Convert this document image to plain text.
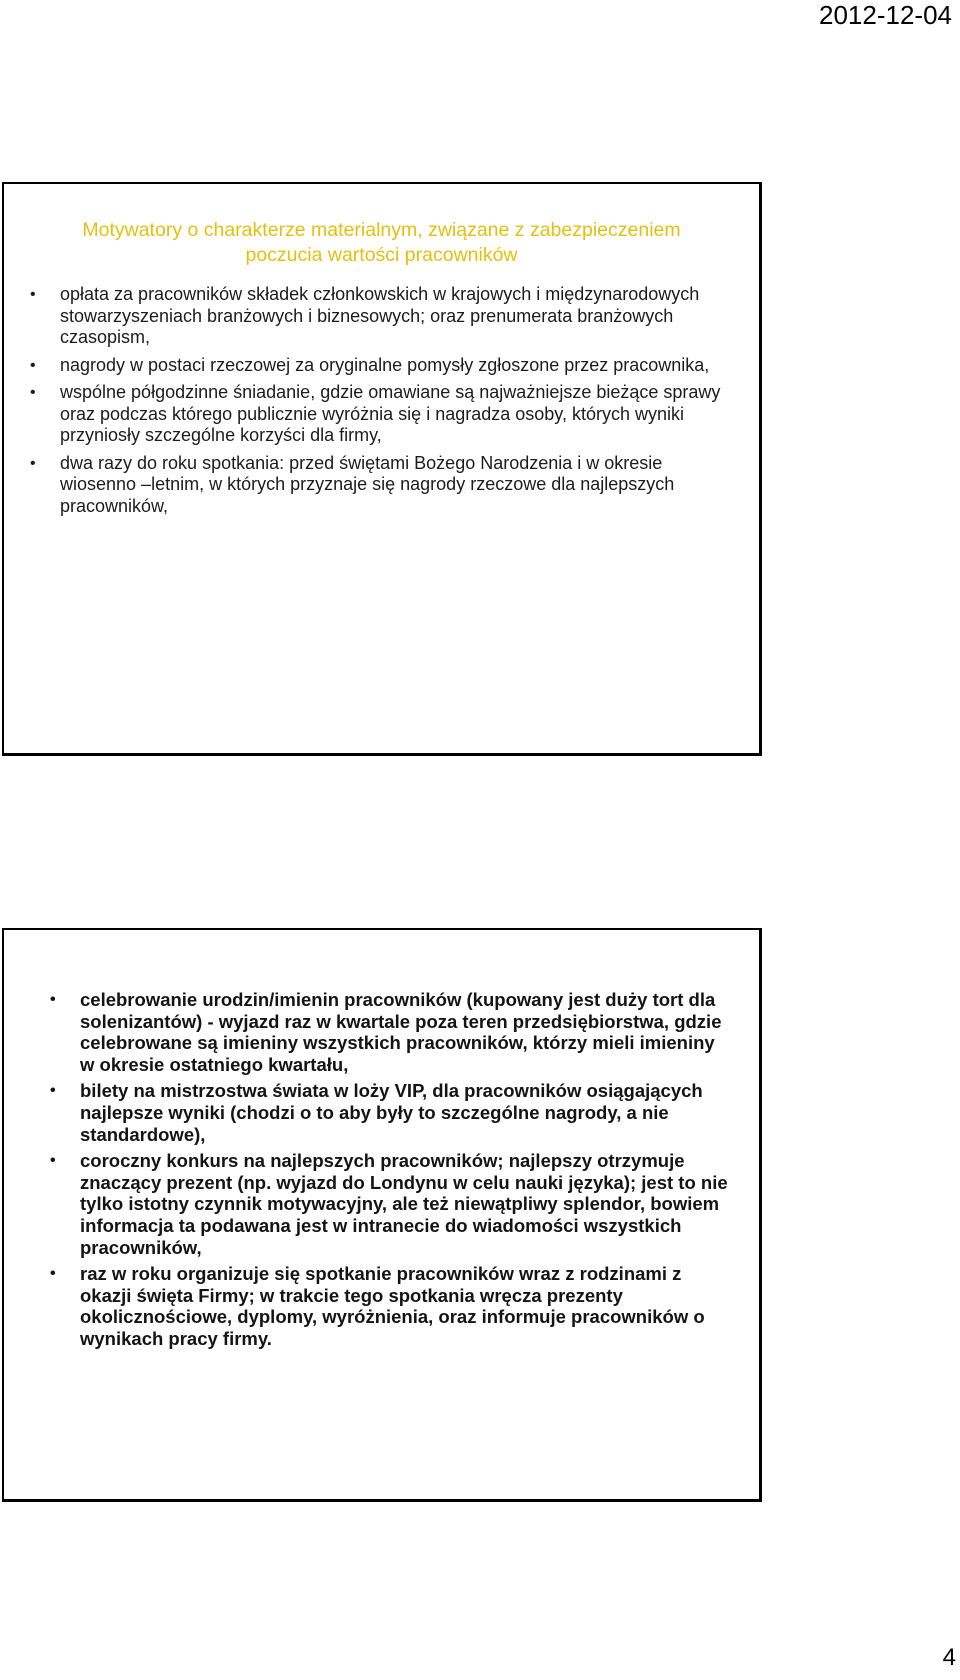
2012-12-04
Motywatory o charakterze materialnym, związane z zabezpieczeniem
poczucia wartości pracowników
• opłata za pracowników składek członkowskich w krajowych i międzynarodowych stowarzyszeniach branżowych i biznesowych; oraz prenumerata branżowych czasopism,
• nagrody w postaci rzeczowej za oryginalne pomysły zgłoszone przez pracownika,
• wspólne półgodzinne śniadanie, gdzie omawiane są najważniejsze bieżące sprawy oraz podczas którego publicznie wyróżnia się i nagradza osoby, których wyniki przyniosły szczególne korzyści dla firmy,
• dwa razy do roku spotkania: przed świętami Bożego Narodzenia i w okresie wiosenno –letnim, w których przyznaje się nagrody rzeczowe dla najlepszych pracowników,
• celebrowanie urodzin/imienin pracowników (kupowany jest duży tort dla solenizantów) - wyjazd raz w kwartale poza teren przedsiębiorstwa, gdzie celebrowane są imieniny wszystkich pracowników, którzy mieli imieniny w okresie ostatniego kwartału,
• bilety na mistrzostwa świata w loży VIP, dla pracowników osiągających najlepsze wyniki (chodzi o to aby były to szczególne nagrody, a nie standardowe),
• coroczny konkurs na najlepszych pracowników; najlepszy otrzymuje znaczący prezent (np. wyjazd do Londynu w celu nauki języka); jest to nie tylko istotny czynnik motywacyjny, ale też niewątpliwy splendor, bowiem informacja ta podawana jest w intranecie do wiadomości wszystkich pracowników,
• raz w roku organizuje się spotkanie pracowników wraz z rodzinami z okazji święta Firmy; w trakcie tego spotkania wręcza prezenty okolicznościowe, dyplomy, wyróżnienia, oraz informuje pracowników o wynikach pracy firmy.
4
